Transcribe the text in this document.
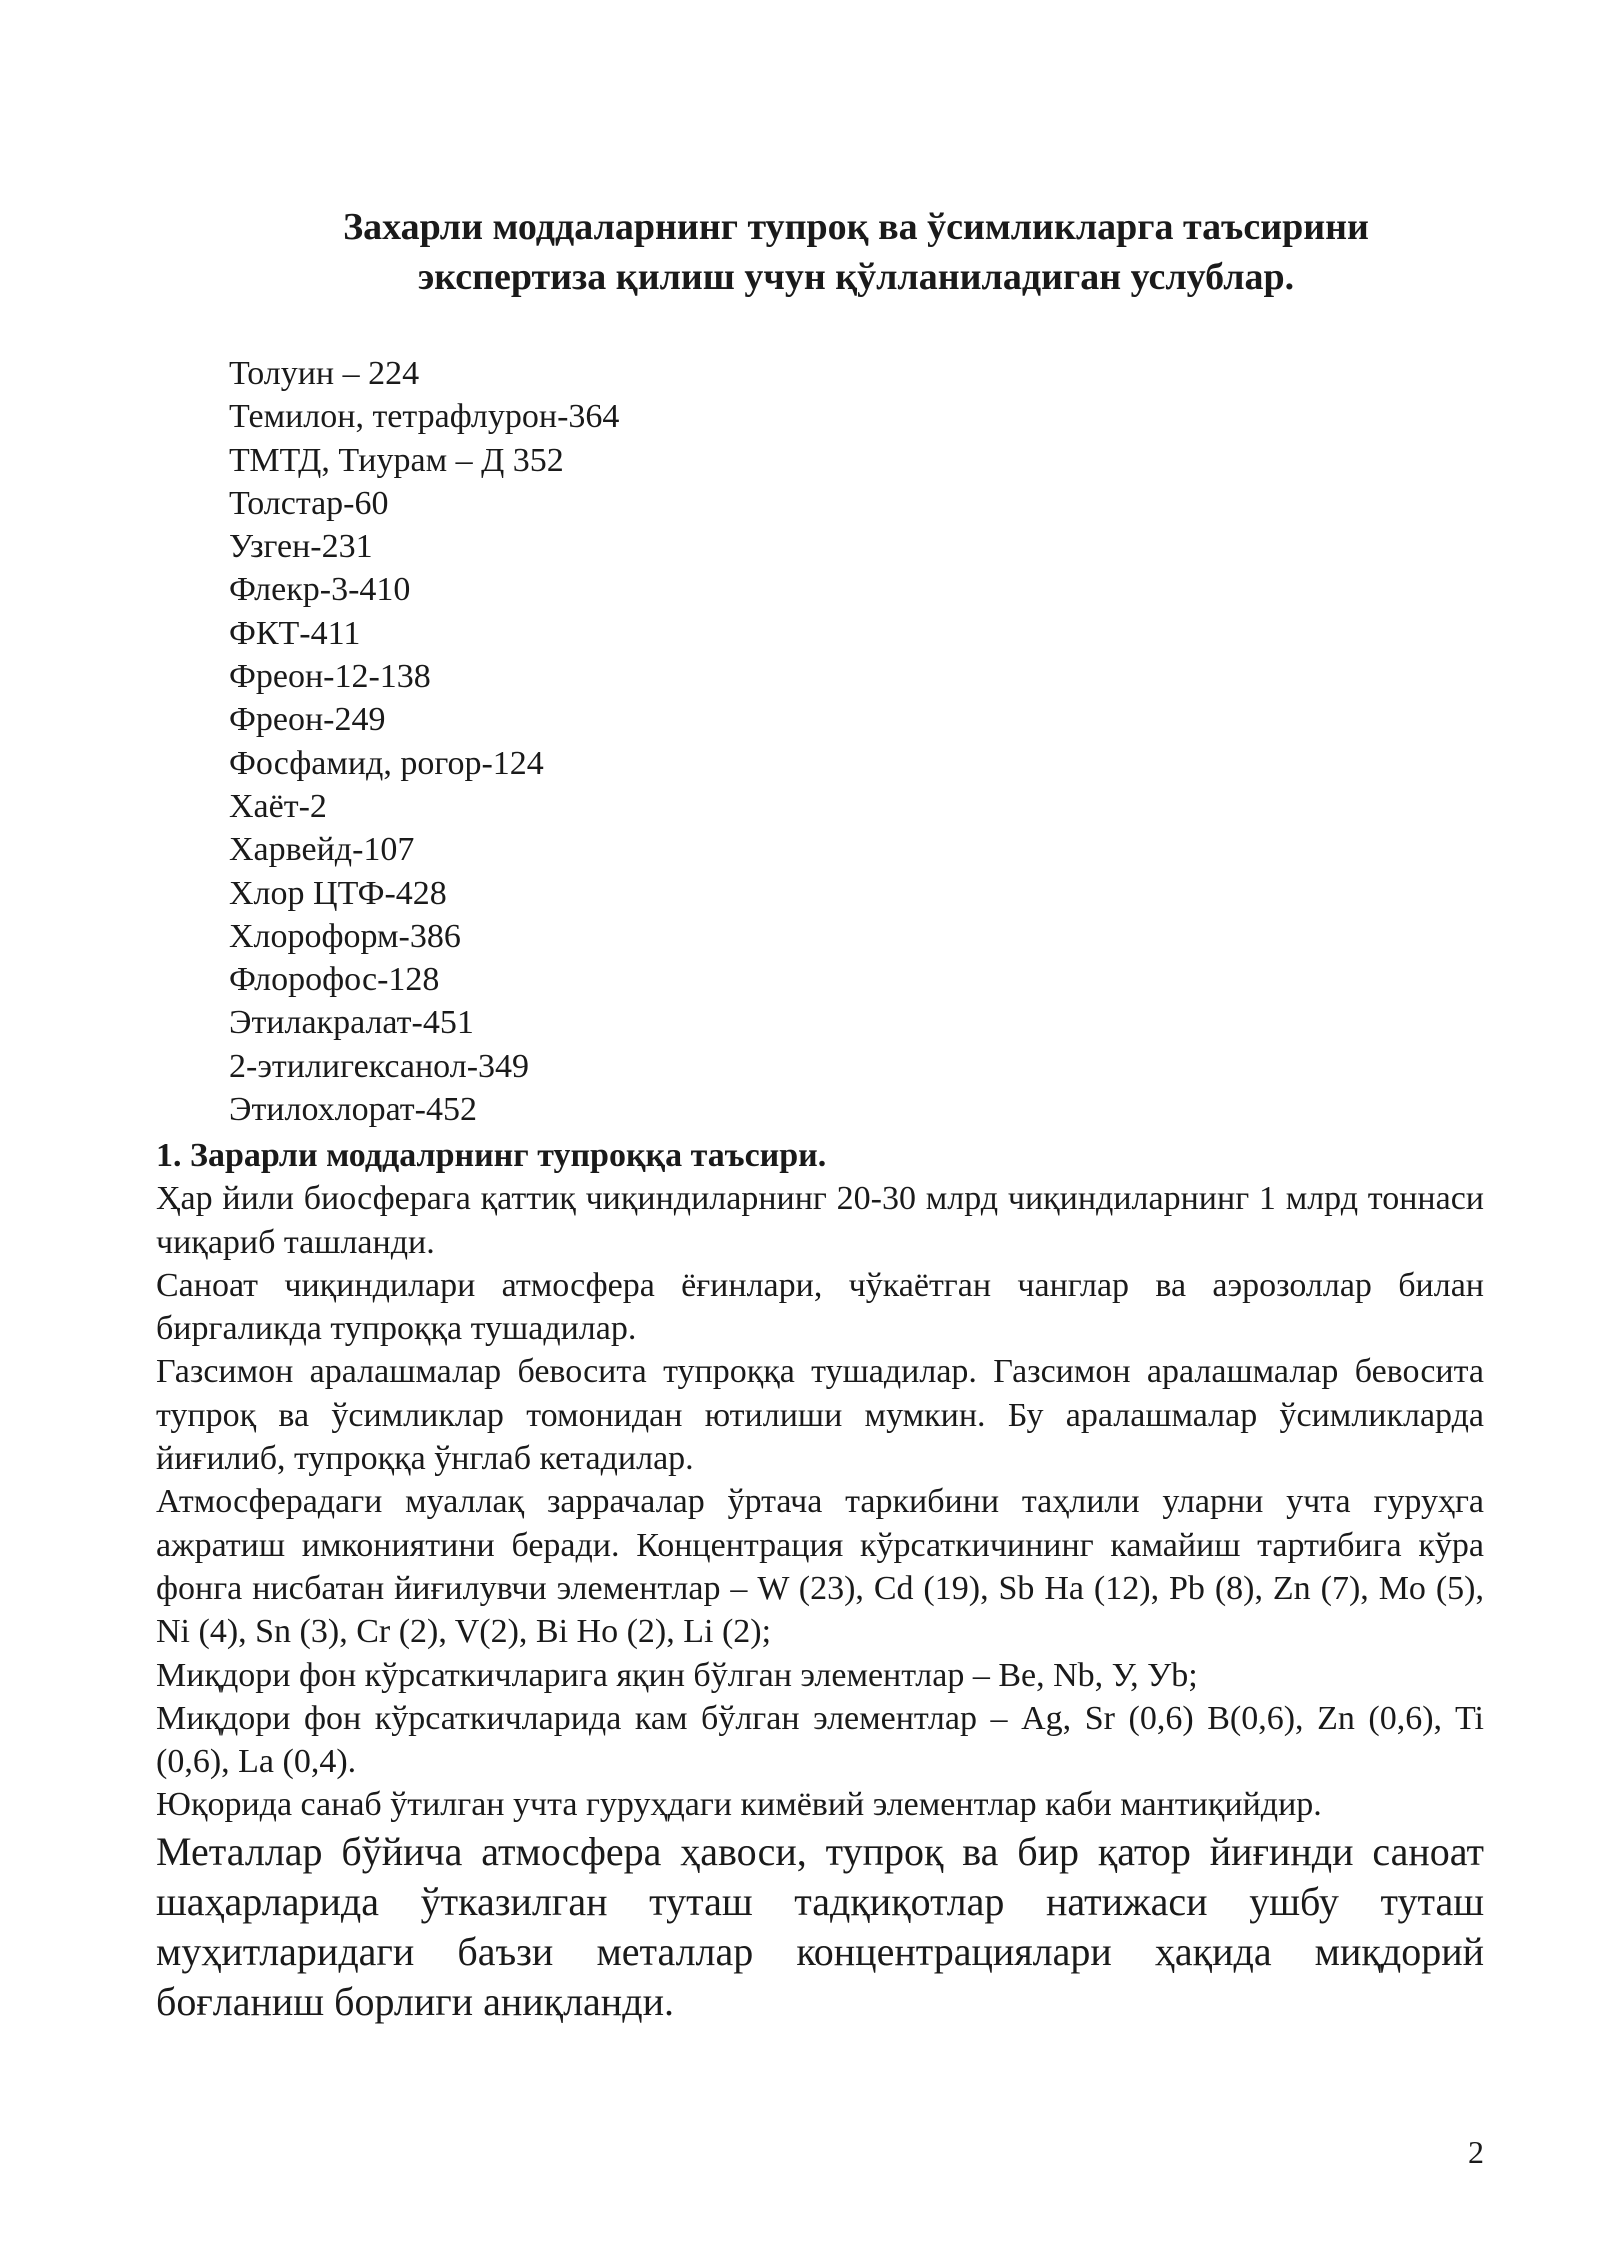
Захарли моддаларнинг тупроқ ва ўсимликларга таъсирини
экспертиза қилиш учун қўлланиладиган услублар.
Толуин – 224
Темилон, тетрафлурон-364
ТМТД, Тиурам – Д 352
Толстар-60
Узген-231
Флекр-3-410
ФКТ-411
Фреон-12-138
Фреон-249
Фосфамид, рогор-124
Хаёт-2
Харвейд-107
Хлор ЦТФ-428
Хлороформ-386
Флорофос-128
Этилакралат-451
2-этилигексанол-349
Этилохлорат-452
1. Зарарли моддалрнинг тупроққа таъсири.

Ҳар йили биосферага қаттиқ чиқиндиларнинг 20-30 млрд чиқиндиларнинг 1 млрд тоннаси чиқариб ташланди.

Саноат чиқиндилари атмосфера ёғинлари, чўкаётган чанглар ва аэрозоллар билан биргаликда тупроққа тушадилар.

Газсимон аралашмалар бевосита тупроққа тушадилар. Газсимон аралашмалар бевосита тупроқ ва ўсимликлар томонидан ютилиши мумкин. Бу аралашмалар ўсимликларда йиғилиб, тупроққа ўнглаб кетадилар.

Атмосферадаги муаллақ заррачалар ўртача таркибини таҳлили уларни учта гуруҳга ажратиш имкониятини беради. Концентрация кўрсаткичининг камайиш тартибига кўра фонга нисбатан йиғилувчи элементлар – W (23), Cd (19), Sb Ha (12), Pb (8), Zn (7), Mo (5), Ni (4), Sn (3), Cr (2), V(2), Bi Ho (2), Li (2);

Миқдори фон кўрсаткичларига яқин бўлган элементлар – Be, Nb, У, Уb;

Миқдори фон кўрсаткичларида кам бўлган элементлар – Ag, Sr (0,6) B(0,6), Zn (0,6), Ti (0,6), La (0,4).

Юқорида санаб ўтилган учта гуруҳдаги кимёвий элементлар каби мантиқийдир.

Металлар бўйича атмосфера ҳавоси, тупроқ ва бир қатор йиғинди саноат шаҳарларида ўтказилган туташ тадқиқотлар натижаси ушбу туташ муҳитларидаги баъзи металлар концентрациялари ҳақида миқдорий боғланиш борлиги аниқланди.

2
